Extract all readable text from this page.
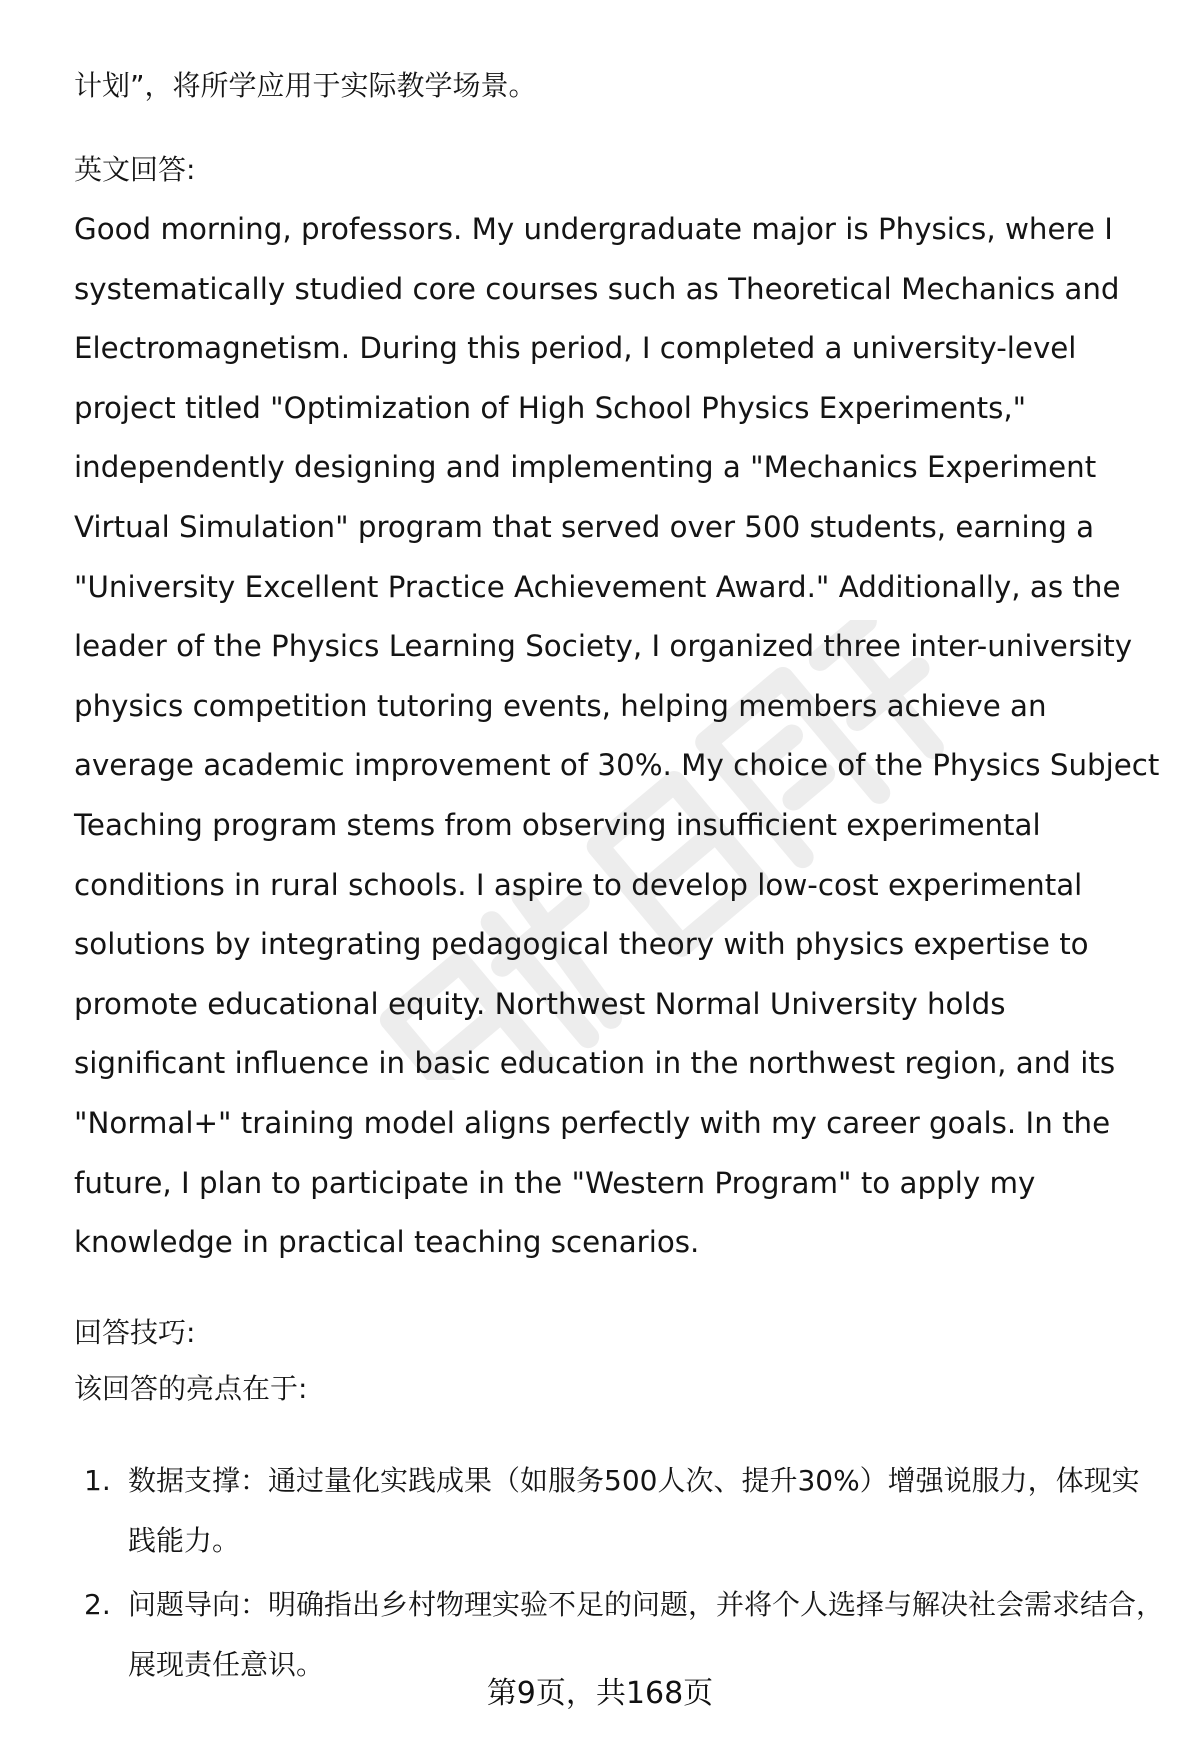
计划”，将所学应用于实际教学场景。

英文回答:

Good morning, professors. My undergraduate major is Physics, where I systematically studied core courses such as Theoretical Mechanics and Electromagnetism. During this period, I completed a university-level project titled "Optimization of High School Physics Experiments," independently designing and implementing a "Mechanics Experiment Virtual Simulation" program that served over 500 students, earning a "University Excellent Practice Achievement Award." Additionally, as the leader of the Physics Learning Society, I organized three inter-university physics competition tutoring events, helping members achieve an average academic improvement of 30%. My choice of the Physics Subject Teaching program stems from observing insufficient experimental conditions in rural schools. I aspire to develop low-cost experimental solutions by integrating pedagogical theory with physics expertise to promote educational equity. Northwest Normal University holds significant influence in basic education in the northwest region, and its "Normal+" training model aligns perfectly with my career goals. In the future, I plan to participate in the "Western Program" to apply my knowledge in practical teaching scenarios.

回答技巧:

该回答的亮点在于:

1. 数据支撑：通过量化实践成果（如服务500人次、提升30%）增强说服力，体现实践能力。
2. 问题导向：明确指出乡村物理实验不足的问题，并将个人选择与解决社会需求结合，展现责任意识。
第9页，共168页
